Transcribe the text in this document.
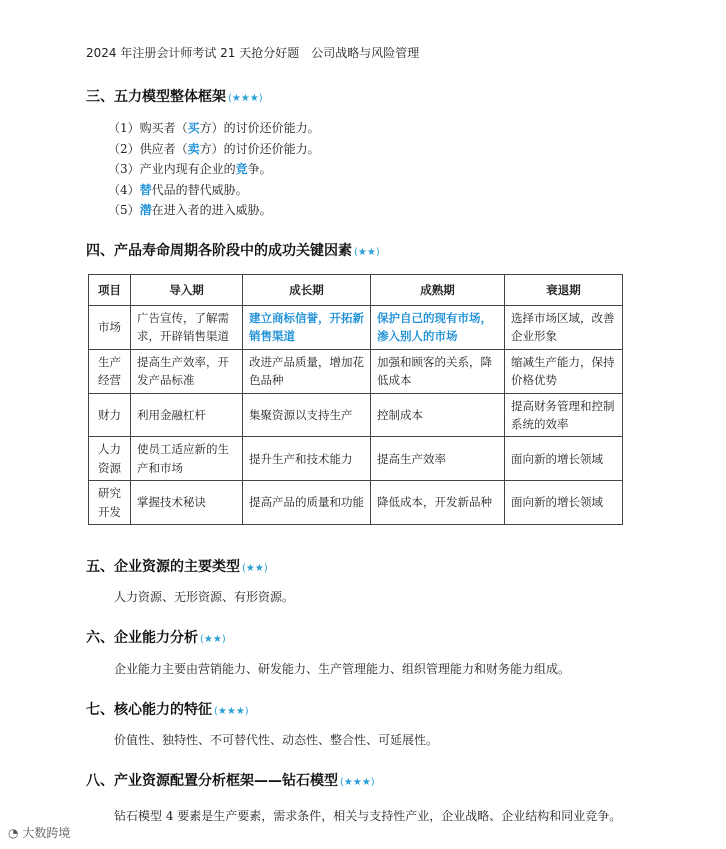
2024 年注册会计师考试 21 天抢分好题　公司战略与风险管理
三、五力模型整体框架 (★★★)
（1）购买者（买方）的讨价还价能力。
（2）供应者（卖方）的讨价还价能力。
（3）产业内现有企业的竞争。
（4）替代品的替代威胁。
（5）潜在进入者的进入威胁。
四、产品寿命周期各阶段中的成功关键因素 (★★)
项目	导入期	成长期	成熟期	衰退期
市场	广告宣传，了解需求，开辟销售渠道	建立商标信誉，开拓新销售渠道	保护自己的现有市场，渗入别人的市场	选择市场区域，改善企业形象
生产经营	提高生产效率，开发产品标准	改进产品质量，增加花色品种	加强和顾客的关系，降低成本	缩减生产能力，保持价格优势
财力	利用金融杠杆	集聚资源以支持生产	控制成本	提高财务管理和控制系统的效率
人力资源	使员工适应新的生产和市场	提升生产和技术能力	提高生产效率	面向新的增长领域
研究开发	掌握技术秘诀	提高产品的质量和功能	降低成本，开发新品种	面向新的增长领域
五、企业资源的主要类型 (★★)
人力资源、无形资源、有形资源。
六、企业能力分析 (★★)
企业能力主要由营销能力、研发能力、生产管理能力、组织管理能力和财务能力组成。
七、核心能力的特征 (★★★)
价值性、独特性、不可替代性、动态性、整合性、可延展性。
八、产业资源配置分析框架——钻石模型 (★★★)
钻石模型 4 要素是生产要素，需求条件，相关与支持性产业，企业战略、企业结构和同业竞争。
◔ 大数跨境
